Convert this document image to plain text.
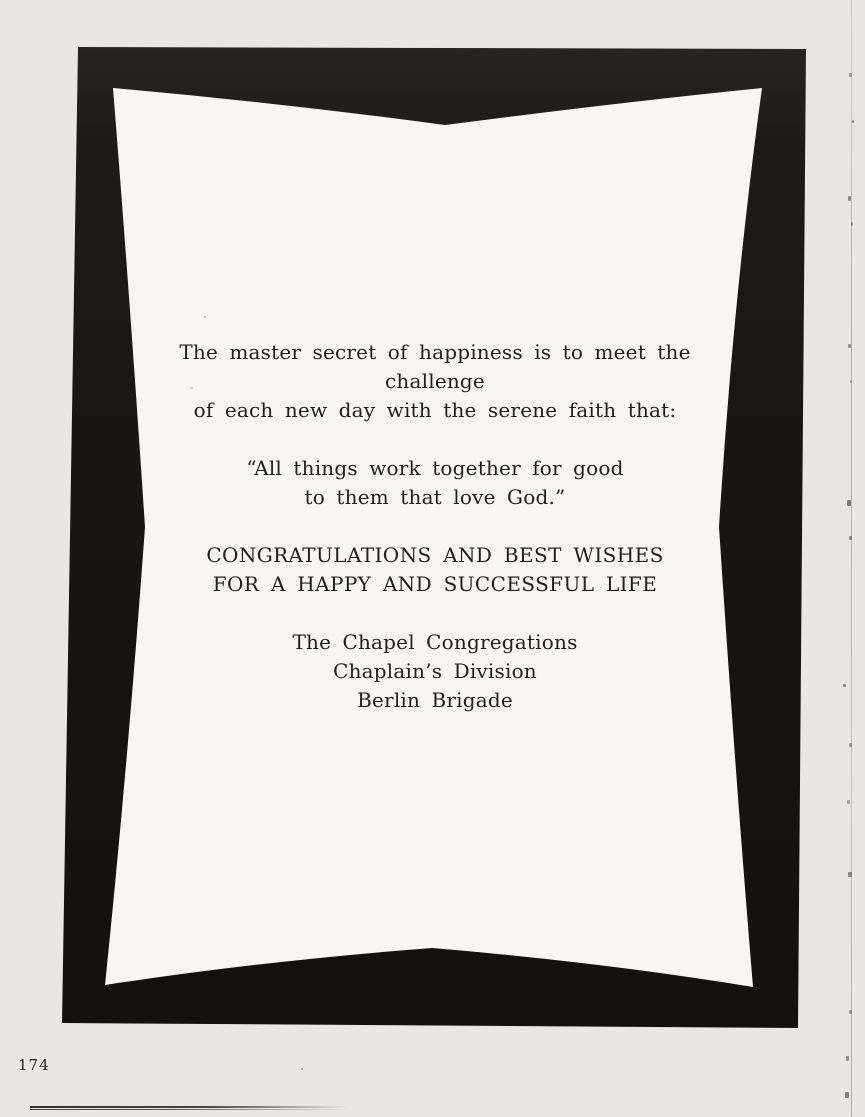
The master secret of happiness is to meet the
challenge
of each new day with the serene faith that:
“All things work together for good
to them that love God.”
CONGRATULATIONS AND BEST WISHES
FOR A HAPPY AND SUCCESSFUL LIFE
The Chapel Congregations
Chaplain’s Division
Berlin Brigade
174
